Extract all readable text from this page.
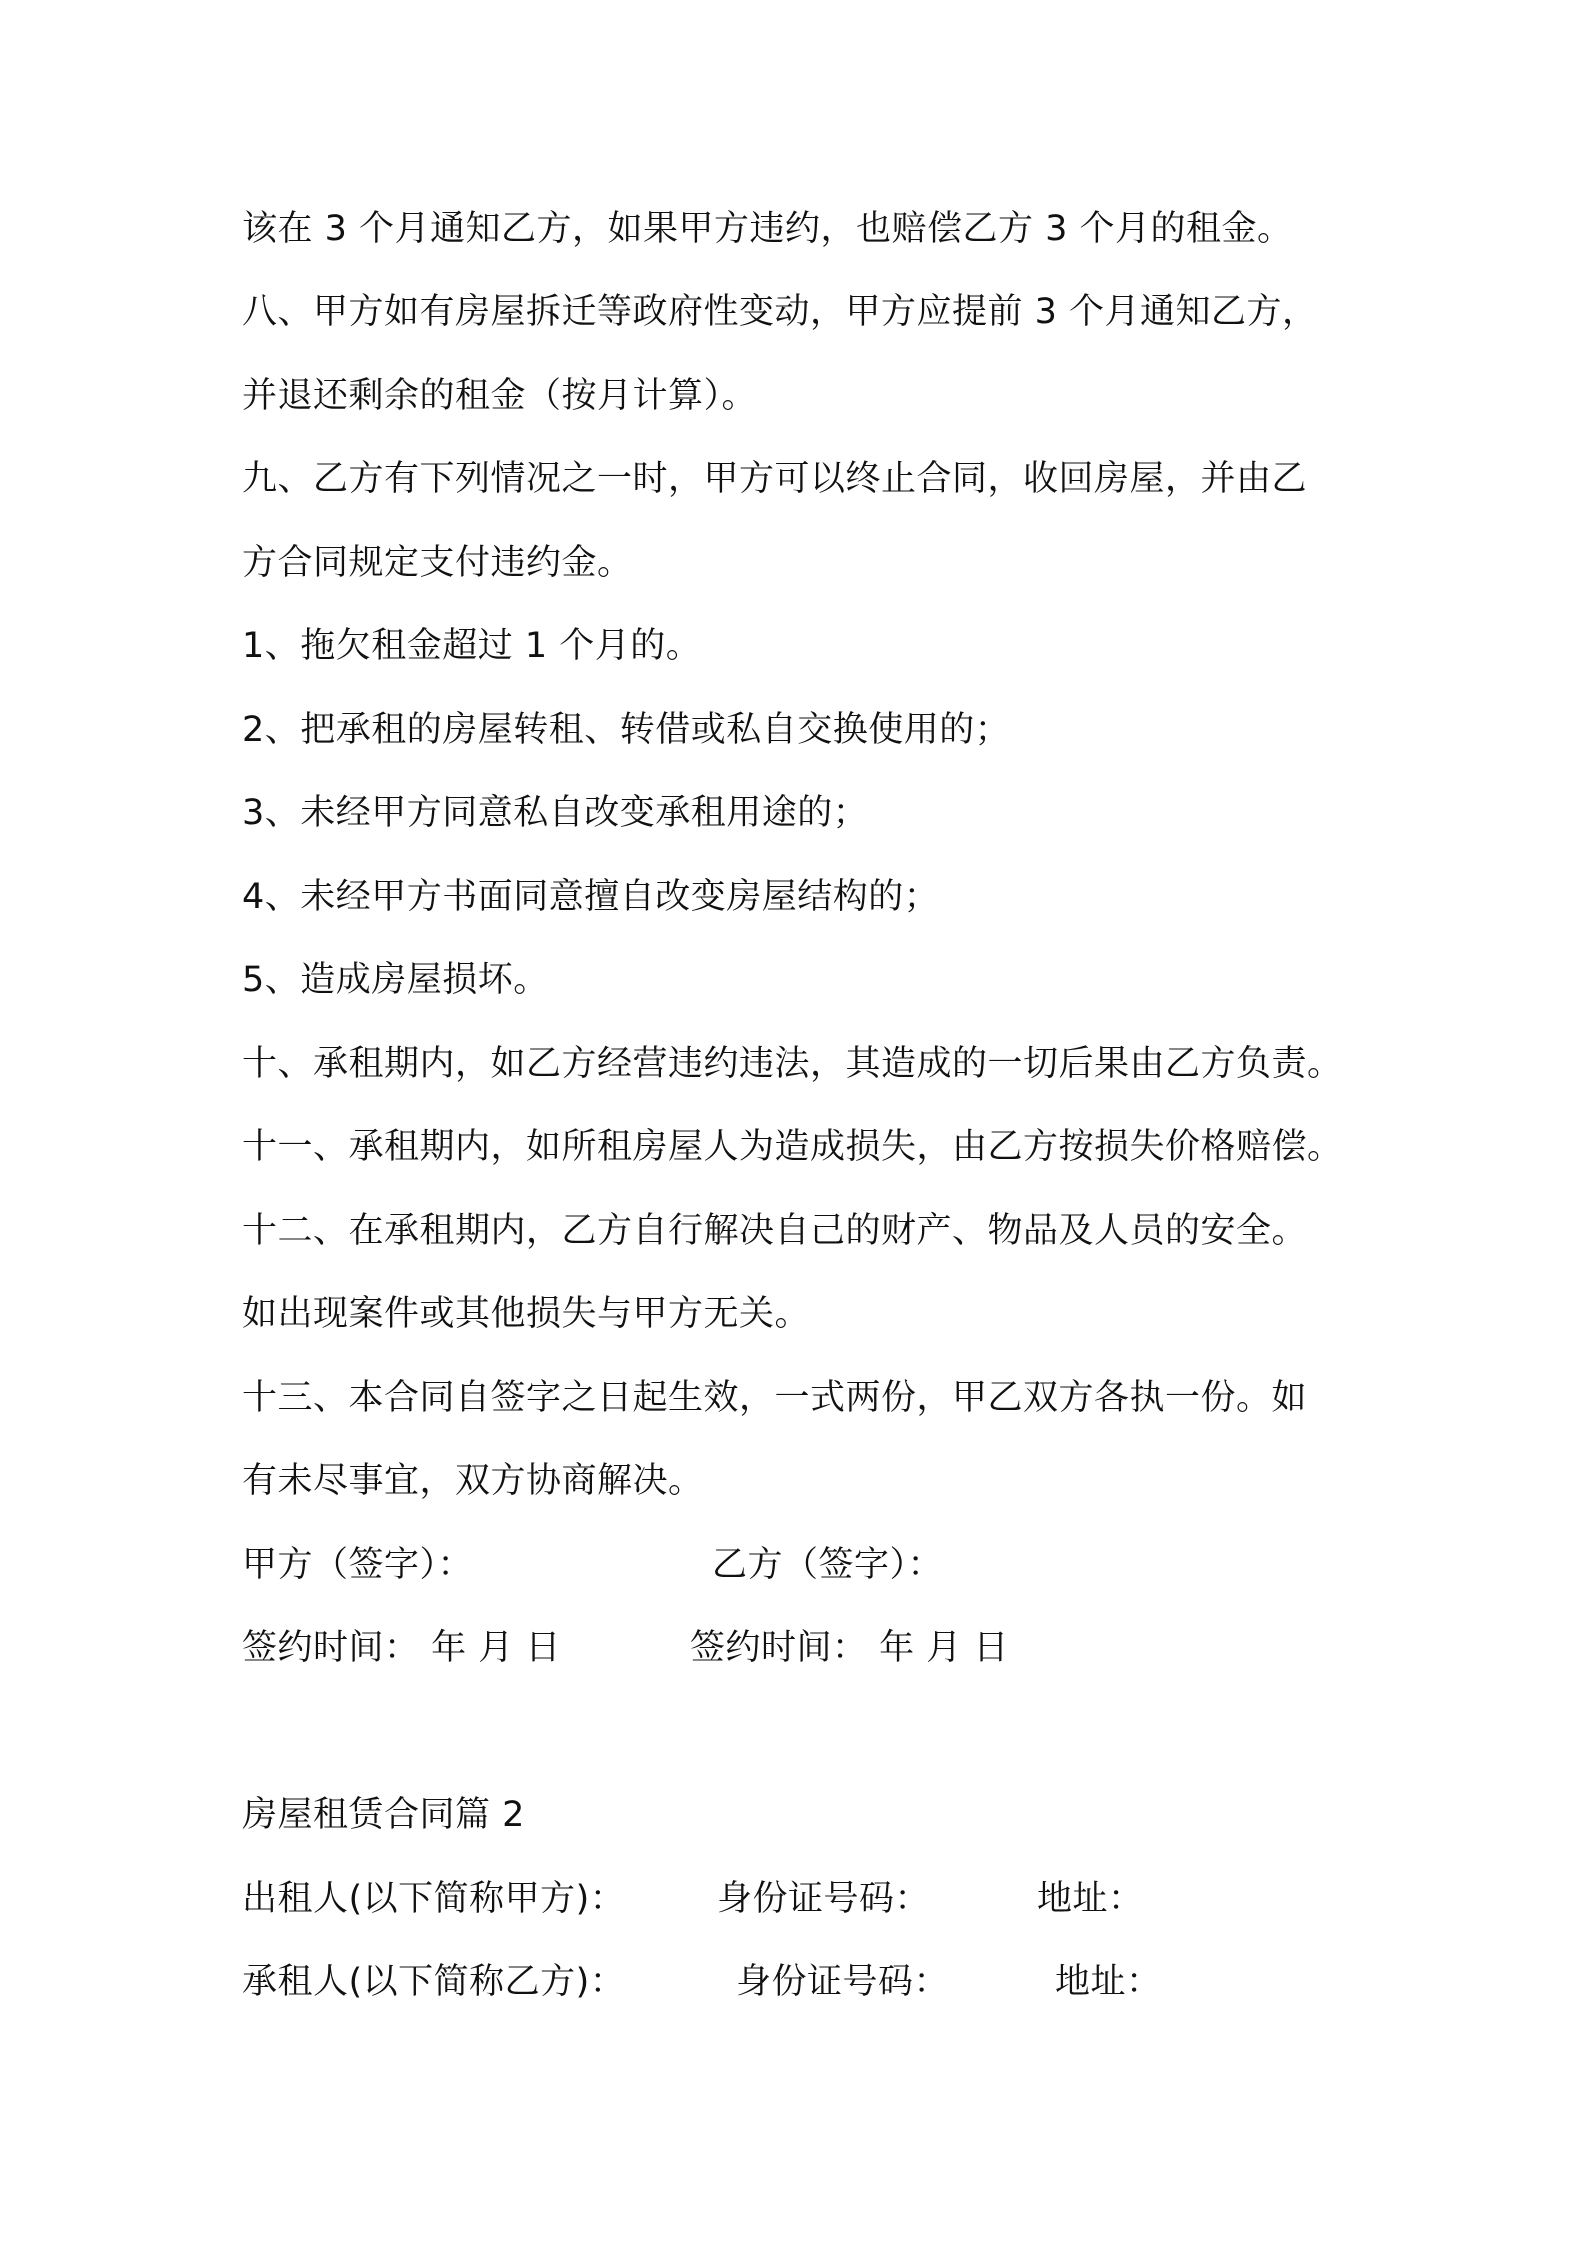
该在 3 个月通知乙方，如果甲方违约，也赔偿乙方 3 个月的租金。
八、甲方如有房屋拆迁等政府性变动，甲方应提前 3 个月通知乙方，
并退还剩余的租金（按月计算）。
九、乙方有下列情况之一时，甲方可以终止合同，收回房屋，并由乙
方合同规定支付违约金。
1、拖欠租金超过 1 个月的。
2、把承租的房屋转租、转借或私自交换使用的；
3、未经甲方同意私自改变承租用途的；
4、未经甲方书面同意擅自改变房屋结构的；
5、造成房屋损坏。
十、承租期内，如乙方经营违约违法，其造成的一切后果由乙方负责。
十一、承租期内，如所租房屋人为造成损失，由乙方按损失价格赔偿。
十二、在承租期内，乙方自行解决自己的财产、物品及人员的安全。
如出现案件或其他损失与甲方无关。
十三、本合同自签字之日起生效，一式两份，甲乙双方各执一份。如
有未尽事宜，双方协商解决。
甲方（签字）：	乙方（签字）：
签约时间： 年 月 日	签约时间： 年 月 日
房屋租赁合同篇 2
出租人(以下简称甲方)：	身份证号码：	地址：
承租人(以下简称乙方)：	身份证号码：	地址：
